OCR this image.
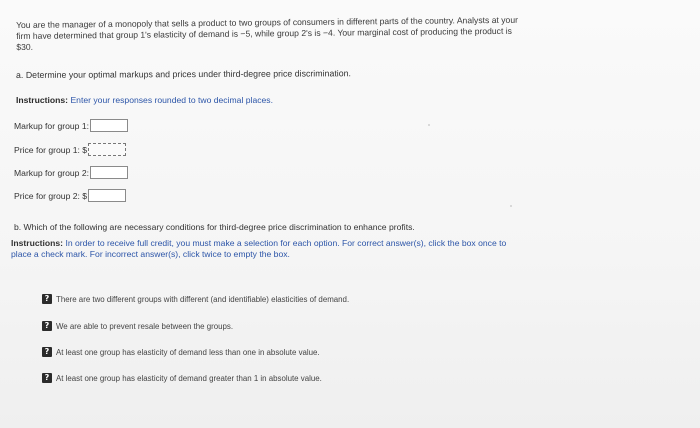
You are the manager of a monopoly that sells a product to two groups of consumers in different parts of the country. Analysts at your
firm have determined that group 1's elasticity of demand is −5, while group 2's is −4. Your marginal cost of producing the product is
$30.
a. Determine your optimal markups and prices under third-degree price discrimination.
Instructions: Enter your responses rounded to two decimal places.
Markup for group 1:
Price for group 1: $
Markup for group 2:
Price for group 2: $
b. Which of the following are necessary conditions for third-degree price discrimination to enhance profits.
Instructions: In order to receive full credit, you must make a selection for each option. For correct answer(s), click the box once to
place a check mark. For incorrect answer(s), click twice to empty the box.
? There are two different groups with different (and identifiable) elasticities of demand.
? We are able to prevent resale between the groups.
? At least one group has elasticity of demand less than one in absolute value.
? At least one group has elasticity of demand greater than 1 in absolute value.
